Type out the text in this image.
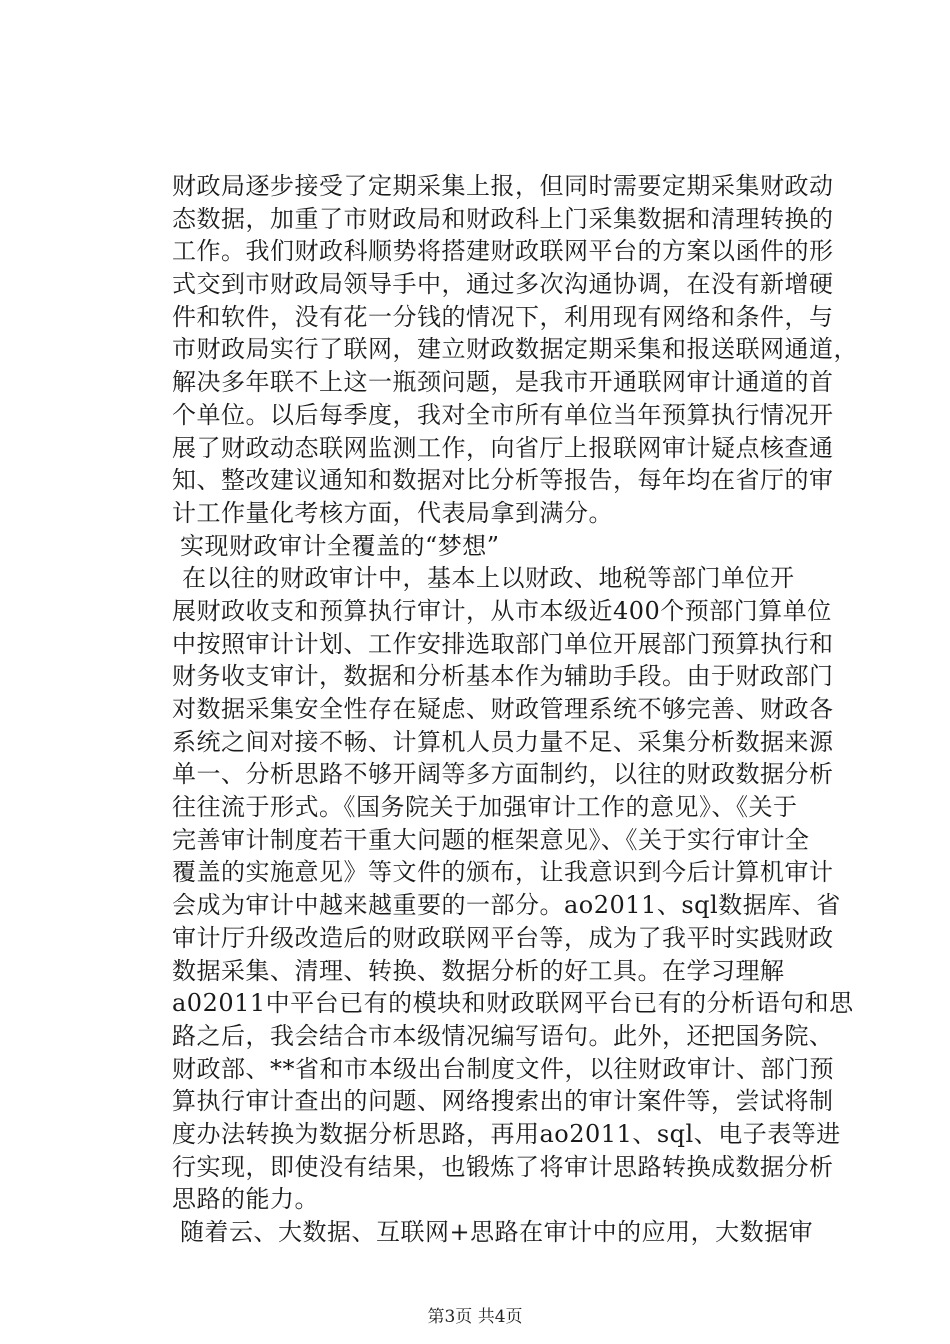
财政局逐步接受了定期采集上报，但同时需要定期采集财政动
态数据，加重了市财政局和财政科上门采集数据和清理转换的
工作。我们财政科顺势将搭建财政联网平台的方案以函件的形
式交到市财政局领导手中，通过多次沟通协调，在没有新增硬
件和软件，没有花一分钱的情况下，利用现有网络和条件，与
市财政局实行了联网，建立财政数据定期采集和报送联网通道，
解决多年联不上这一瓶颈问题，是我市开通联网审计通道的首
个单位。以后每季度，我对全市所有单位当年预算执行情况开
展了财政动态联网监测工作，向省厅上报联网审计疑点核查通
知、整改建议通知和数据对比分析等报告，每年均在省厅的审
计工作量化考核方面，代表局拿到满分。
实现财政审计全覆盖的“梦想”
在以往的财政审计中，基本上以财政、地税等部门单位开
展财政收支和预算执行审计，从市本级近400个预部门算单位
中按照审计计划、工作安排选取部门单位开展部门预算执行和
财务收支审计，数据和分析基本作为辅助手段。由于财政部门
对数据采集安全性存在疑虑、财政管理系统不够完善、财政各
系统之间对接不畅、计算机人员力量不足、采集分析数据来源
单一、分析思路不够开阔等多方面制约，以往的财政数据分析
往往流于形式。《国务院关于加强审计工作的意见》、《关于
完善审计制度若干重大问题的框架意见》、《关于实行审计全
覆盖的实施意见》等文件的颁布，让我意识到今后计算机审计
会成为审计中越来越重要的一部分。ao2011、sql数据库、省
审计厅升级改造后的财政联网平台等，成为了我平时实践财政
数据采集、清理、转换、数据分析的好工具。在学习理解
a02011中平台已有的模块和财政联网平台已有的分析语句和思
路之后，我会结合市本级情况编写语句。此外，还把国务院、
财政部、**省和市本级出台制度文件，以往财政审计、部门预
算执行审计查出的问题、网络搜索出的审计案件等，尝试将制
度办法转换为数据分析思路，再用ao2011、sql、电子表等进
行实现，即使没有结果，也锻炼了将审计思路转换成数据分析
思路的能力。
随着云、大数据、互联网+思路在审计中的应用，大数据审
第3页 共4页
